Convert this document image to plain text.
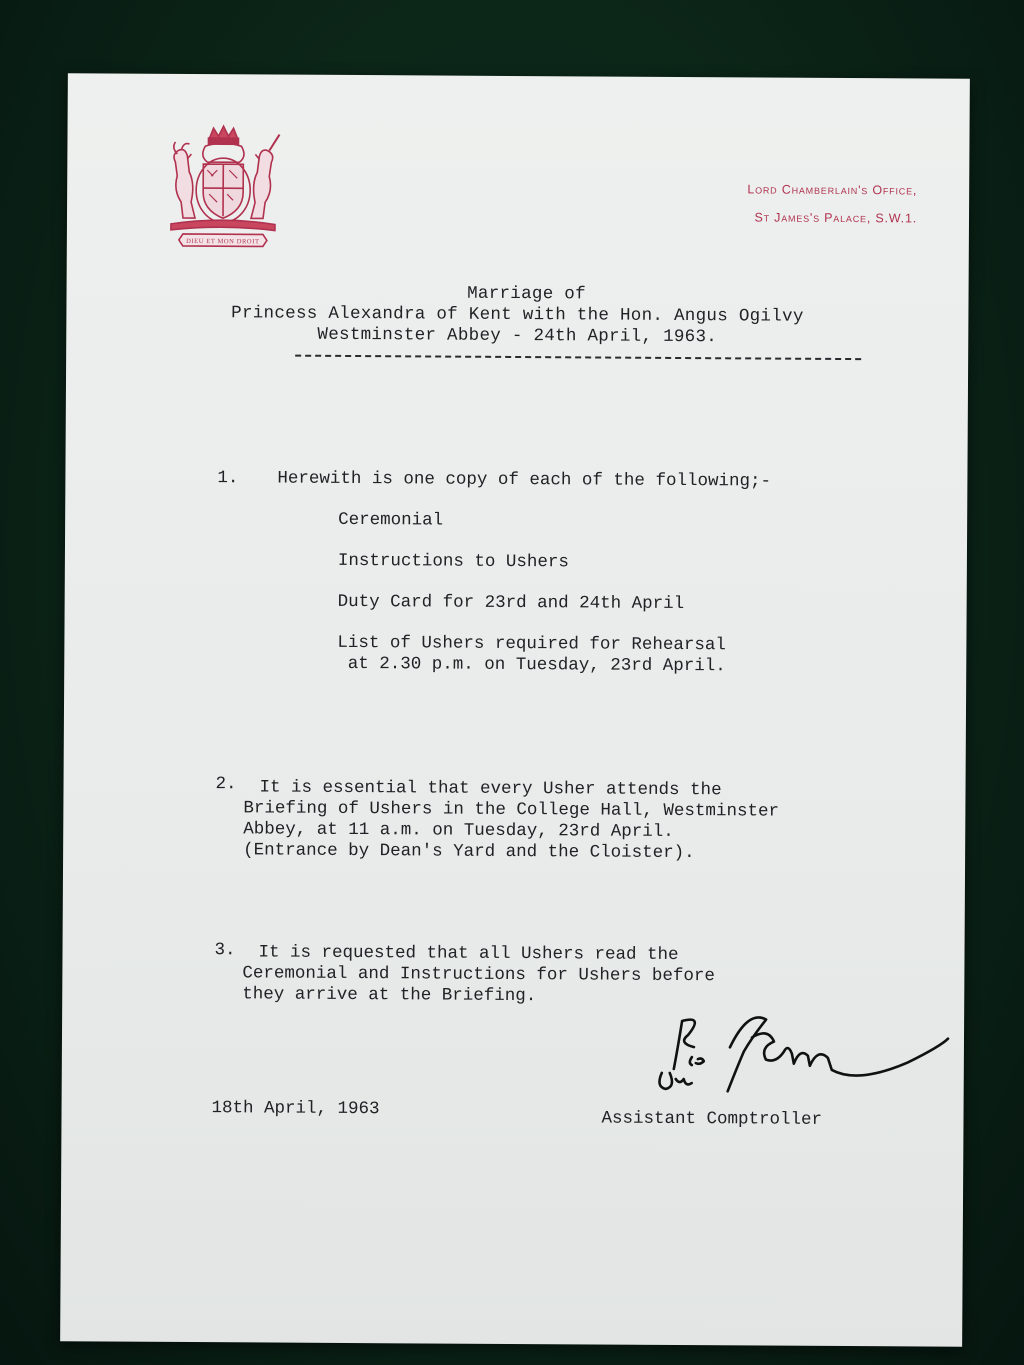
DIEU ET MON DROIT
Lord Chamberlain's Office,
St James's Palace, S.W.1.
Marriage of
Princess Alexandra of Kent with the Hon. Angus Ogilvy
Westminster Abbey - 24th April, 1963.
1. Herewith is one copy of each of the following;-
Ceremonial
Instructions to Ushers
Duty Card for 23rd and 24th April
List of Ushers required for Rehearsal
at 2.30 p.m. on Tuesday, 23rd April.
2.	It is essential that every Usher attends the
Briefing of Ushers in the College Hall, Westminster
Abbey, at 11 a.m. on Tuesday, 23rd April.
(Entrance by Dean's Yard and the Cloister).
3.	It is requested that all Ushers read the
Ceremonial and Instructions for Ushers before
they arrive at the Briefing.
18th April, 1963	Assistant Comptroller
